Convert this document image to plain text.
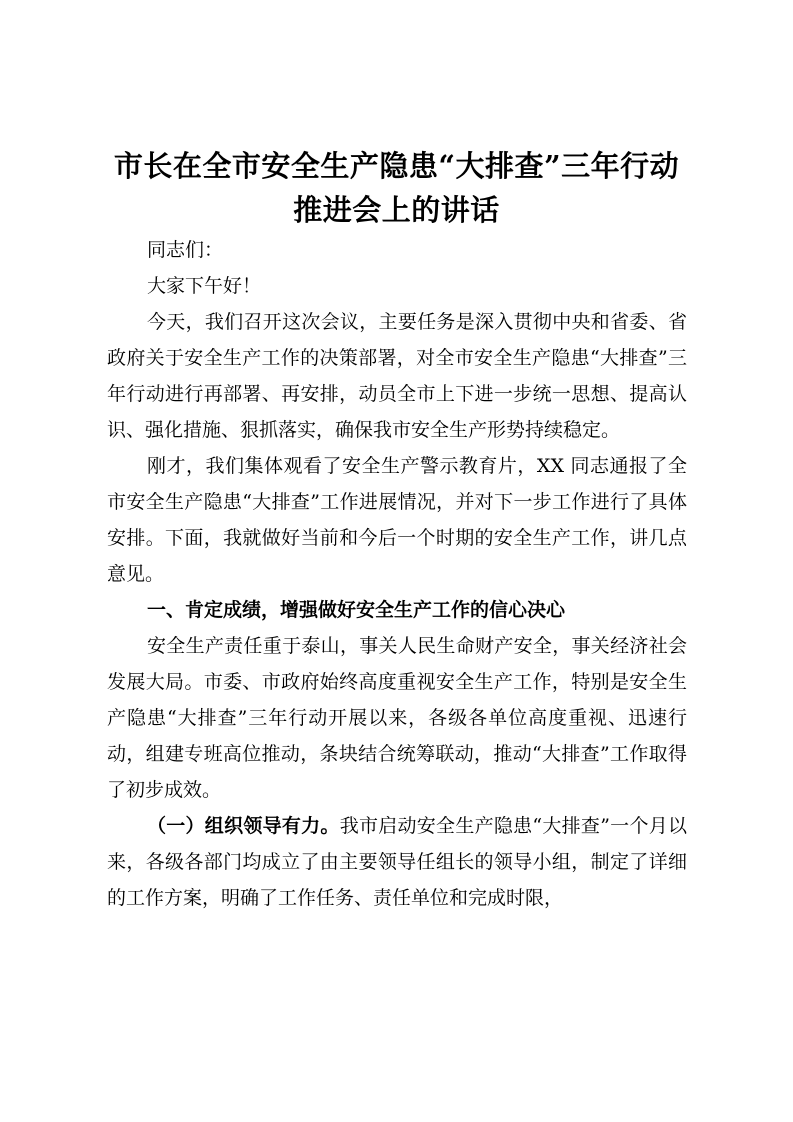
市长在全市安全生产隐患“大排查”三年行动
推进会上的讲话

同志们：

大家下午好！

今天，我们召开这次会议，主要任务是深入贯彻中央和省委、省政府关于安全生产工作的决策部署，对全市安全生产隐患“大排查”三年行动进行再部署、再安排，动员全市上下进一步统一思想、提高认识、强化措施、狠抓落实，确保我市安全生产形势持续稳定。

刚才，我们集体观看了安全生产警示教育片，XX 同志通报了全市安全生产隐患“大排查”工作进展情况，并对下一步工作进行了具体安排。下面，我就做好当前和今后一个时期的安全生产工作，讲几点意见。

一、肯定成绩，增强做好安全生产工作的信心决心

安全生产责任重于泰山，事关人民生命财产安全，事关经济社会发展大局。市委、市政府始终高度重视安全生产工作，特别是安全生产隐患“大排查”三年行动开展以来，各级各单位高度重视、迅速行动，组建专班高位推动，条块结合统筹联动，推动“大排查”工作取得了初步成效。

（一）组织领导有力。我市启动安全生产隐患“大排查”一个月以来，各级各部门均成立了由主要领导任组长的领导小组，制定了详细的工作方案，明确了工作任务、责任单位和完成时限，
